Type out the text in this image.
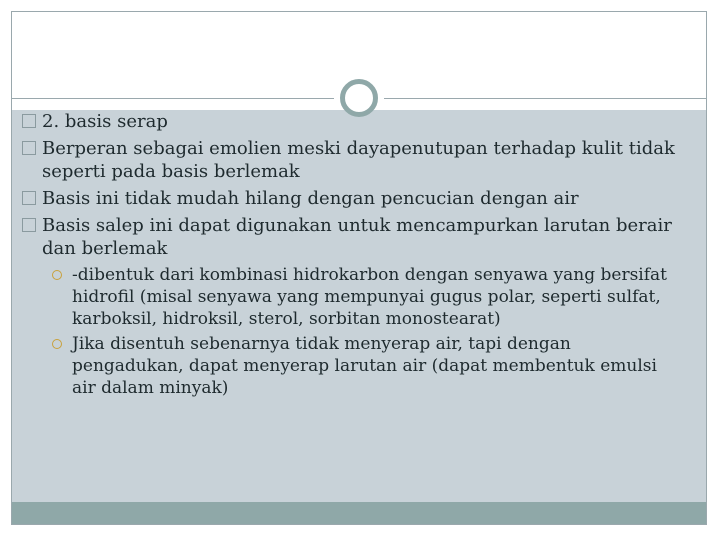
2. basis serap
Berperan sebagai emolien meski dayapenutupan terhadap kulit tidak seperti pada basis berlemak
Basis ini tidak mudah hilang dengan pencucian dengan air
Basis salep ini dapat digunakan untuk mencampurkan larutan berair dan berlemak
-dibentuk dari kombinasi hidrokarbon dengan senyawa yang bersifat hidrofil (misal senyawa yang mempunyai gugus polar, seperti sulfat, karboksil, hidroksil, sterol, sorbitan monostearat)
Jika disentuh sebenarnya tidak menyerap air, tapi dengan pengadukan, dapat menyerap larutan air (dapat membentuk emulsi air dalam minyak)
